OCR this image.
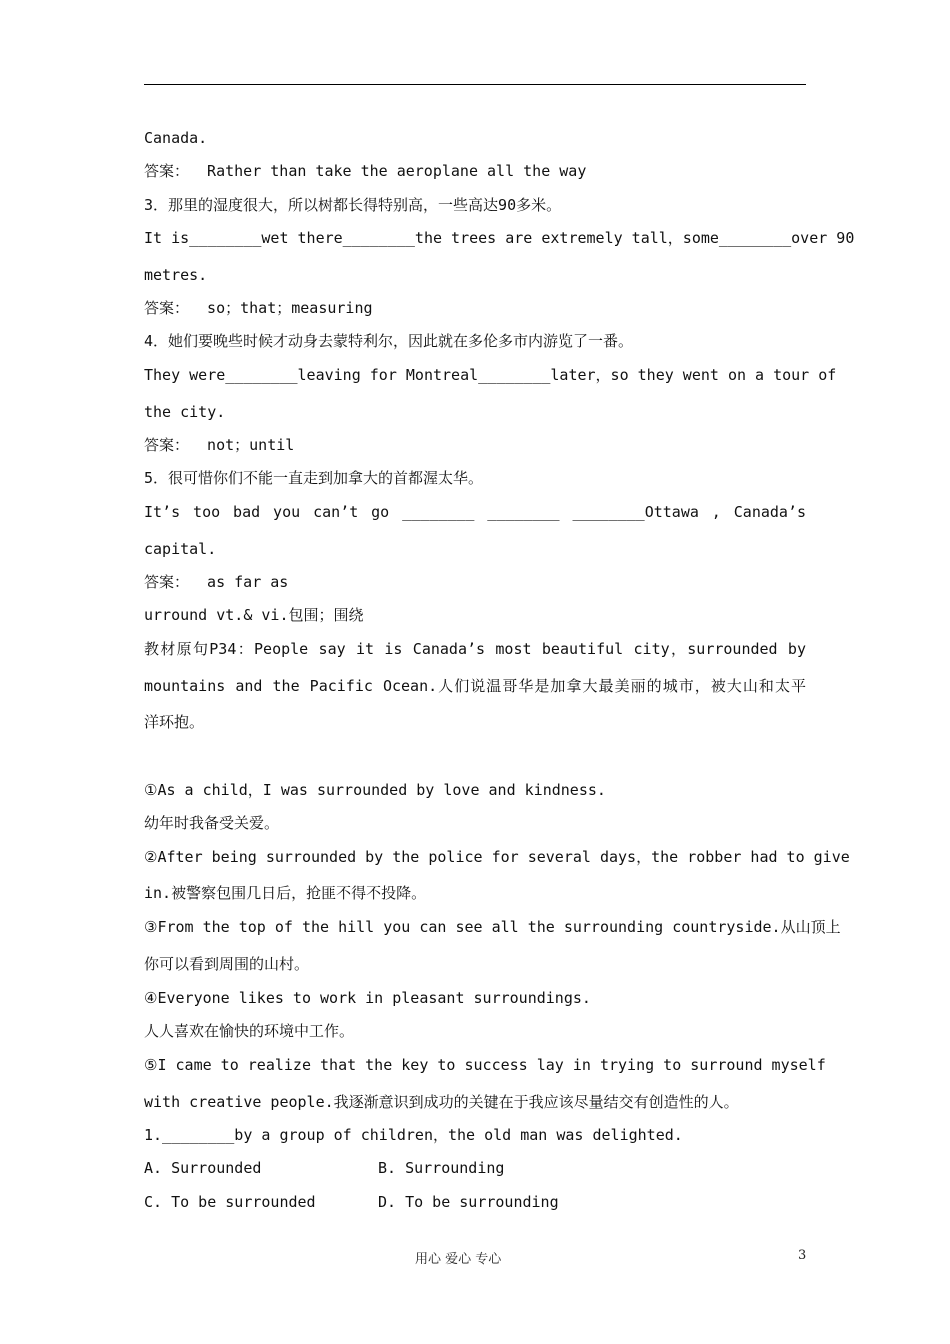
Canada.
答案：  Rather than take the aeroplane all the way
3．那里的湿度很大，所以树都长得特别高，一些高达90多米。
It is________wet there________the trees are extremely tall，some________over 90
metres.
答案：  so；that；measuring
4．她们要晚些时候才动身去蒙特利尔，因此就在多伦多市内游览了一番。
They were________leaving for Montreal________later，so they went on a tour of
the city.
答案：  not；until
5．很可惜你们不能一直走到加拿大的首都渥太华。
It’s too bad you can’t go ________ ________ ________Ottawa , Canada’s
capital.
答案：  as far as
urround vt.& vi.包围；围绕
教材原句P34：People say it is Canada’s most beautiful city，surrounded by
mountains and the Pacific Ocean.人们说温哥华是加拿大最美丽的城市，被大山和太平
洋环抱。
①As a child，I was surrounded by love and kindness.
幼年时我备受关爱。
②After being surrounded by the police for several days，the robber had to give
in.被警察包围几日后，抢匪不得不投降。
③From the top of the hill you can see all the surrounding countryside.从山顶上
你可以看到周围的山村。
④Everyone likes to work in pleasant surroundings.
人人喜欢在愉快的环境中工作。
⑤I came to realize that the key to success lay in trying to surround myself
with creative people.我逐渐意识到成功的关键在于我应该尽量结交有创造性的人。
1.________by a group of children，the old man was delighted.
A. Surrounded	B. Surrounding
C. To be surrounded	D. To be surrounding
用心 爱心 专心	3
